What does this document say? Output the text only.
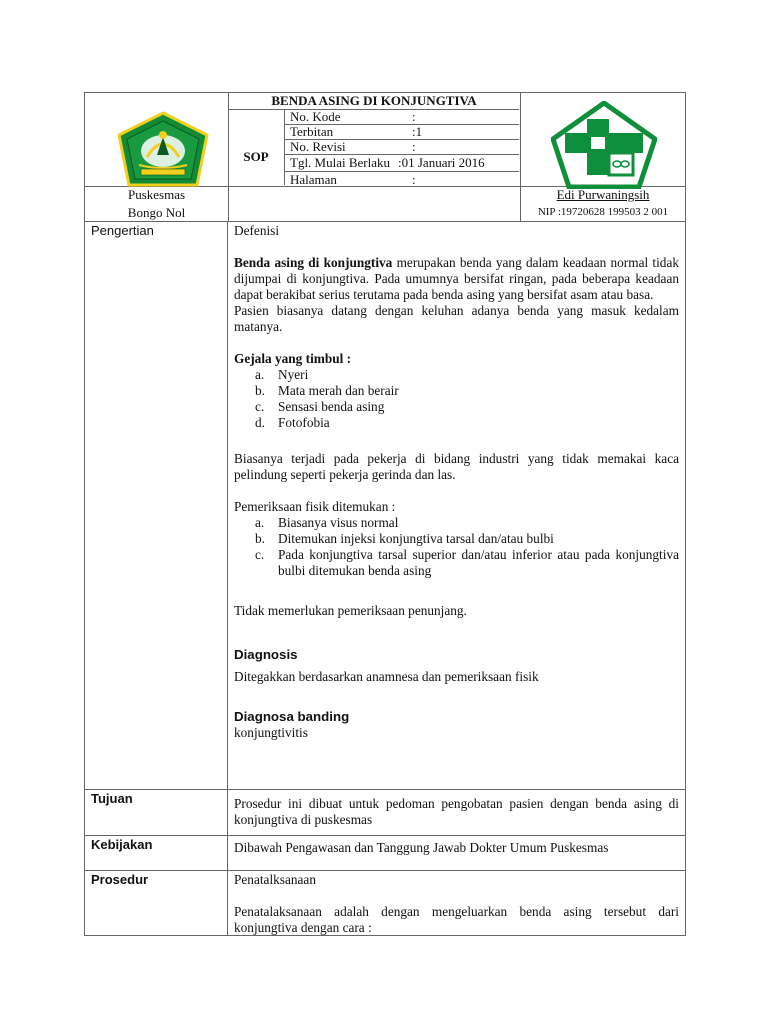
BENDA ASING DI KONJUNGTIVA
SOP
No. Kode	:
Terbitan	:1
No. Revisi	:
Tgl. Mulai Berlaku :01 Januari 2016
Halaman	:
Puskesmas
Bongo Nol
Edi Purwaningsih
NIP :19720628 199503 2 001
Pengertian	Defenisi

Benda asing di konjungtiva merupakan benda yang dalam keadaan normal tidak dijumpai di konjungtiva. Pada umumnya bersifat ringan, pada beberapa keadaan dapat berakibat serius terutama pada benda asing yang bersifat asam atau basa.

Pasien biasanya datang dengan keluhan adanya benda yang masuk kedalam matanya.

Gejala yang timbul :

a.	Nyeri
b. Mata merah dan berair
c.	Sensasi benda asing
d. Fotofobia

Biasanya terjadi pada pekerja di bidang industri yang tidak memakai kaca pelindung seperti pekerja gerinda dan las.

Pemeriksaan fisik ditemukan :

a.	Biasanya visus normal
b. Ditemukan injeksi konjungtiva tarsal dan/atau bulbi
c.	Pada konjungtiva tarsal superior dan/atau inferior atau pada konjungtiva bulbi ditemukan benda asing

Tidak memerlukan pemeriksaan penunjang.

Diagnosis

Ditegakkan berdasarkan anamnesa dan pemeriksaan fisik

Diagnosa banding

konjungtivitis

Tujuan	Prosedur ini dibuat untuk pedoman pengobatan pasien dengan benda asing di konjungtiva di puskesmas
Kebijakan	Dibawah Pengawasan dan Tanggung Jawab Dokter Umum Puskesmas
Prosedur	Penatalksanaan

Penatalaksanaan adalah dengan mengeluarkan benda asing tersebut dari konjungtiva dengan cara :
